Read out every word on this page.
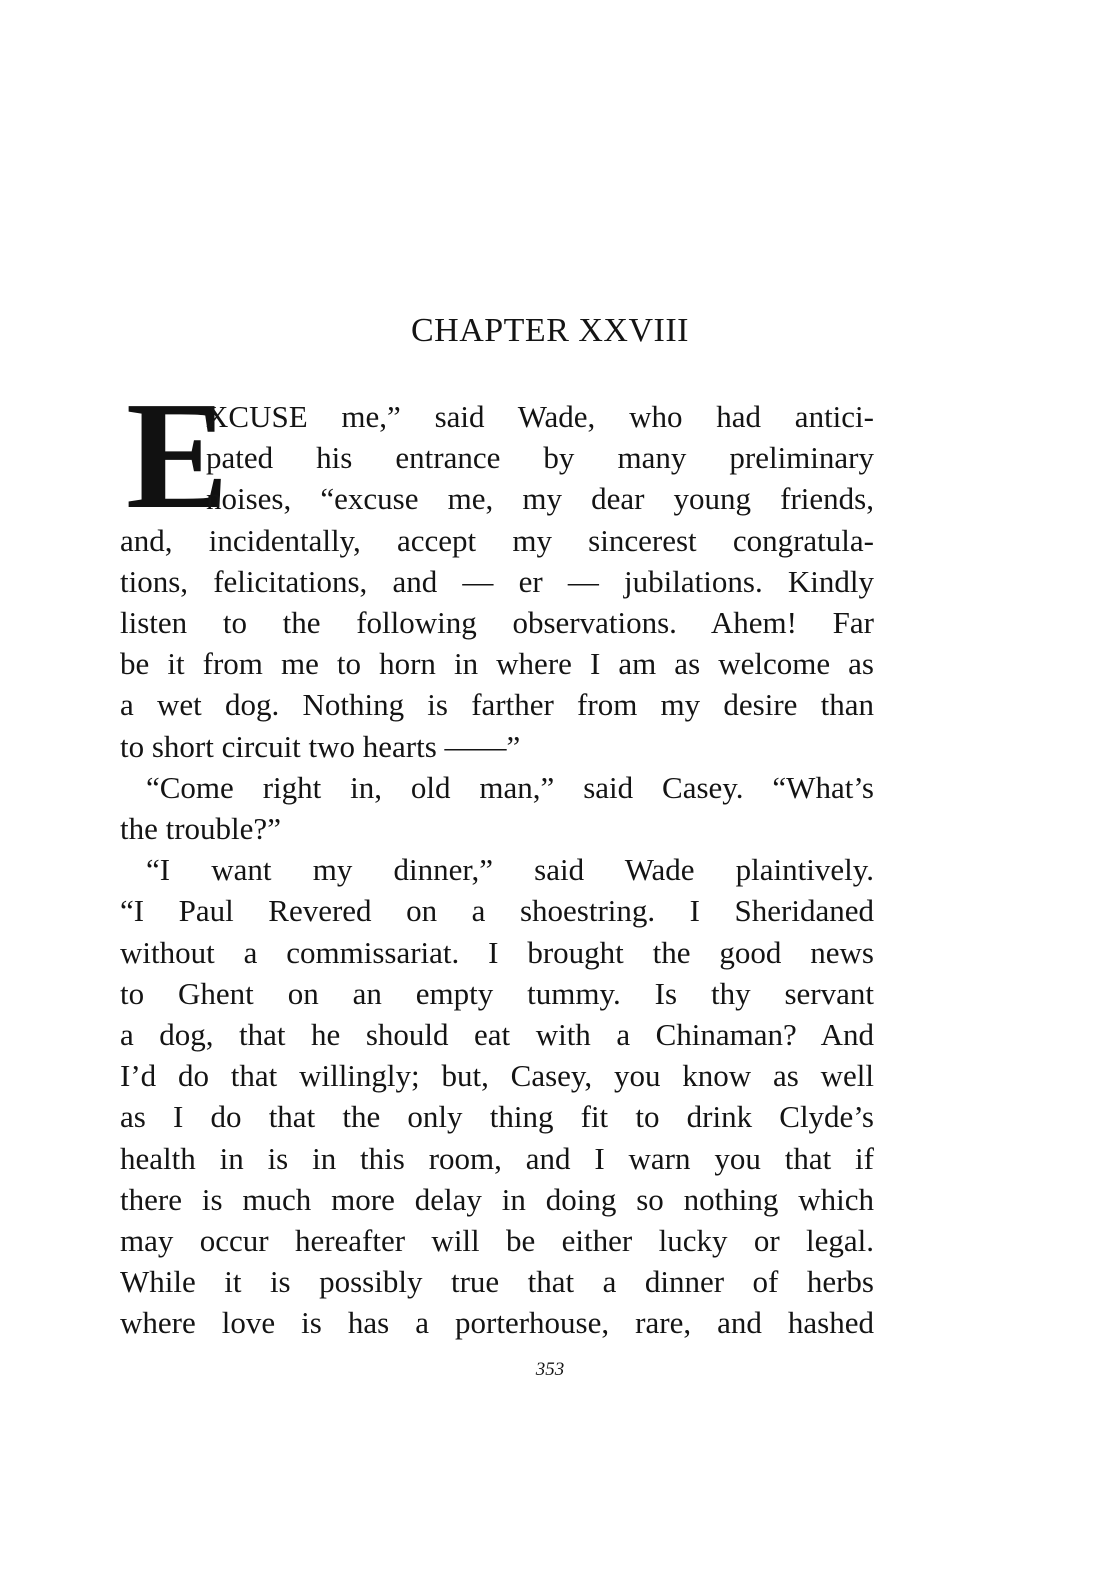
CHAPTER XXVIII
E
XCUSE me,” said Wade, who had antici-
pated his entrance by many preliminary
noises, “excuse me, my dear young friends,
and, incidentally, accept my sincerest congratula-
tions, felicitations, and — er — jubilations. Kindly
listen to the following observations. Ahem! Far
be it from me to horn in where I am as welcome as
a wet dog. Nothing is farther from my desire than
to short circuit two hearts ——”
“Come right in, old man,” said Casey. “What’s
the trouble?”
“I want my dinner,” said Wade plaintively.
“I Paul Revered on a shoestring. I Sheridaned
without a commissariat. I brought the good news
to Ghent on an empty tummy. Is thy servant
a dog, that he should eat with a Chinaman? And
I’d do that willingly; but, Casey, you know as well
as I do that the only thing fit to drink Clyde’s
health in is in this room, and I warn you that if
there is much more delay in doing so nothing which
may occur hereafter will be either lucky or legal.
While it is possibly true that a dinner of herbs
where love is has a porterhouse, rare, and hashed
353
